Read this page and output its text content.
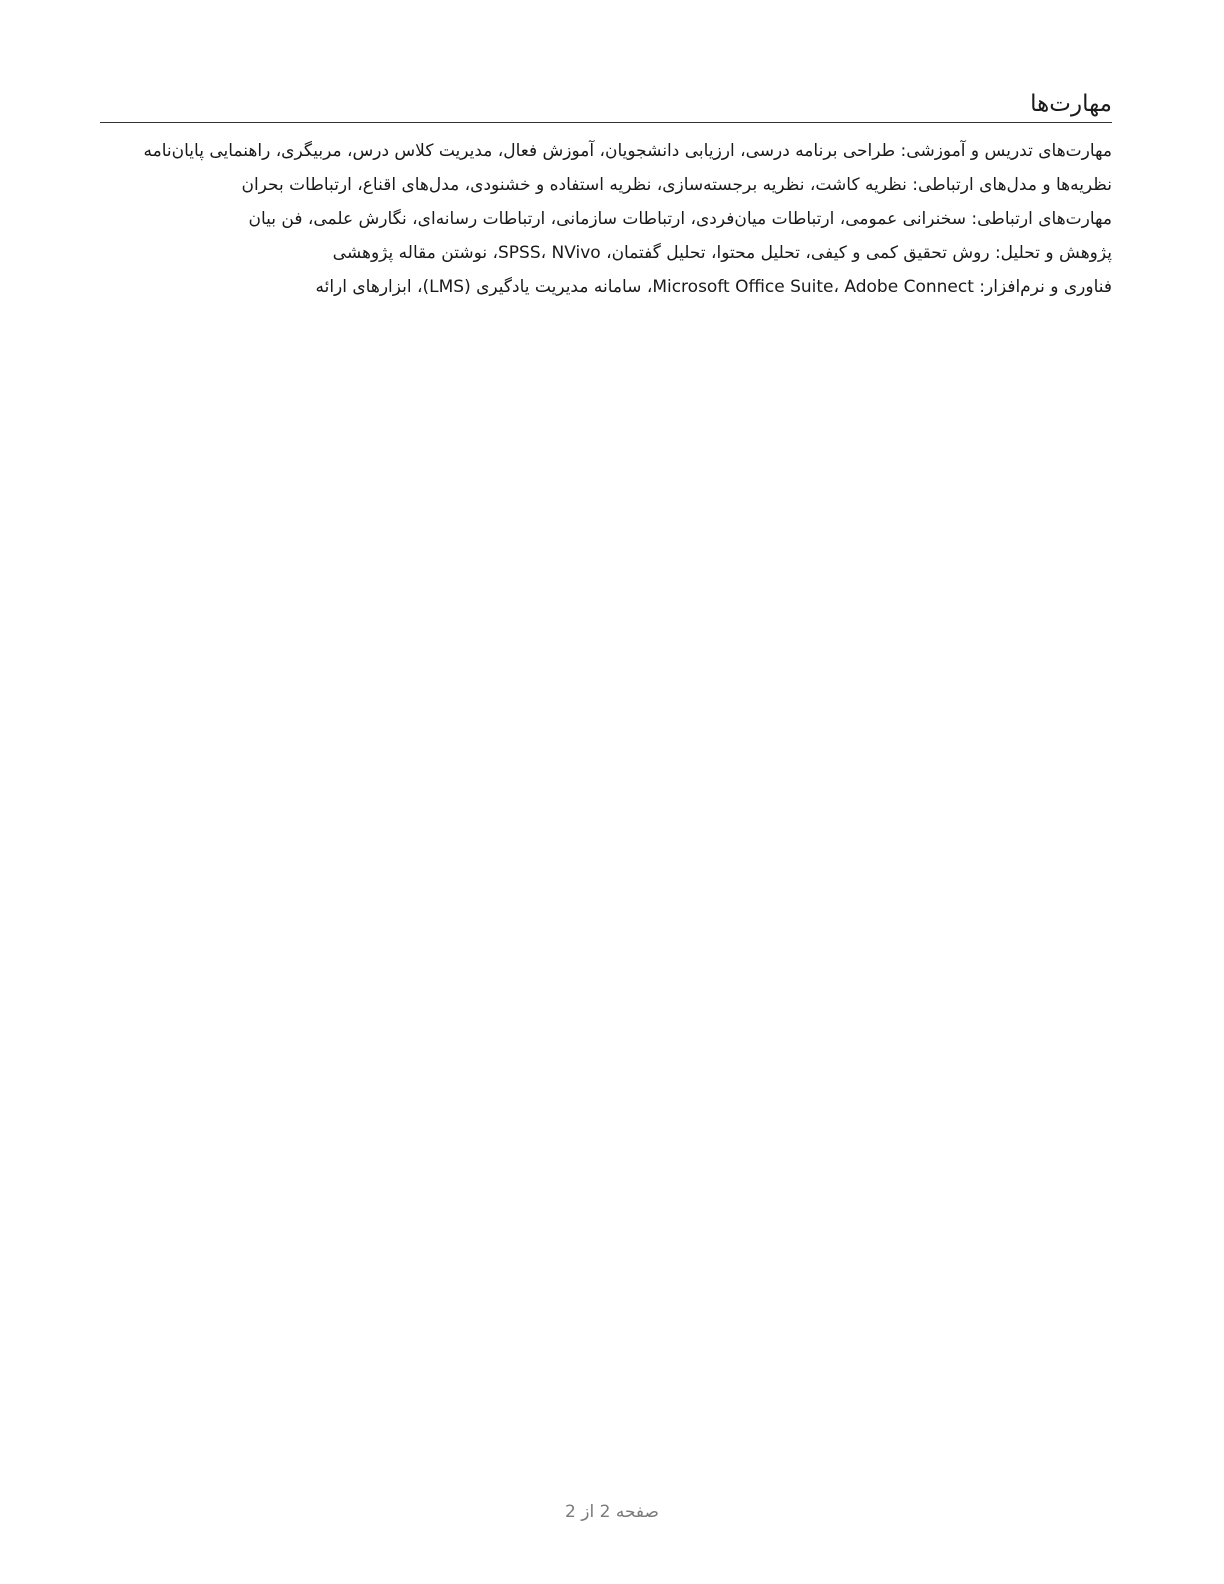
مهارت‌ها
مهارت‌های تدریس و آموزشی: طراحی برنامه درسی، ارزیابی دانشجویان، آموزش فعال، مدیریت کلاس درس، مربیگری، راهنمایی پایان‌نامه
نظریه‌ها و مدل‌های ارتباطی: نظریه کاشت، نظریه برجسته‌سازی، نظریه استفاده و خشنودی، مدل‌های اقناع، ارتباطات بحران
مهارت‌های ارتباطی: سخنرانی عمومی، ارتباطات میان‌فردی، ارتباطات سازمانی، ارتباطات رسانه‌ای، نگارش علمی، فن بیان
پژوهش و تحلیل: روش تحقیق کمی و کیفی، تحلیل محتوا، تحلیل گفتمان، SPSS، NVivo، نوشتن مقاله پژوهشی
فناوری و نرم‌افزار: Microsoft Office Suite، Adobe Connect، سامانه مدیریت یادگیری (LMS)، ابزارهای ارائه
صفحه 2 از 2
